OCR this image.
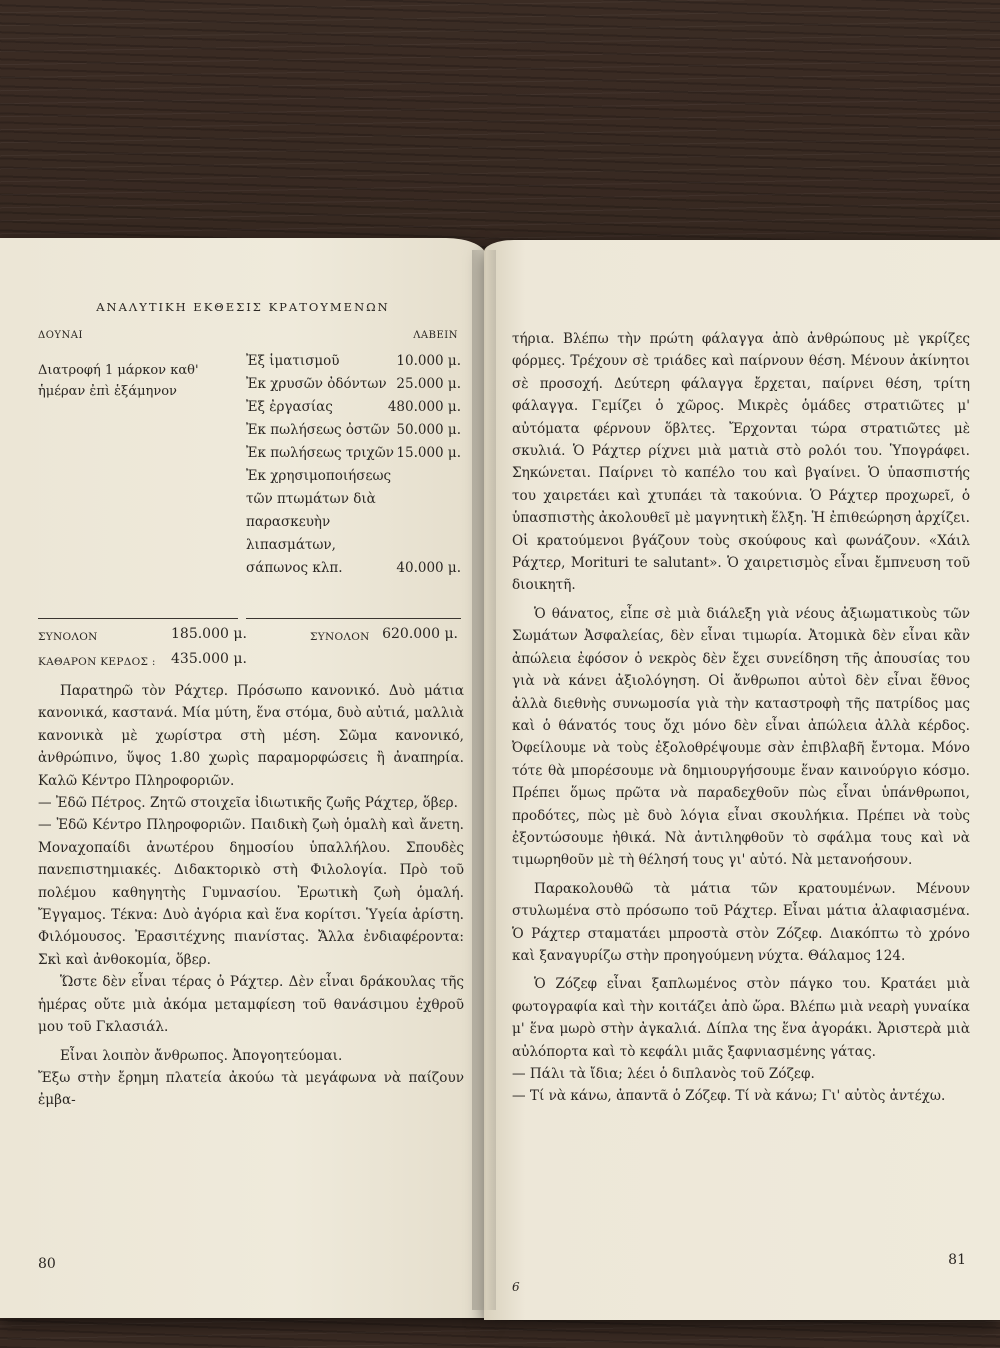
ΑΝΑΛΥΤΙΚΗ ΕΚΘΕΣΙΣ ΚΡΑΤΟΥΜΕΝΩΝ
ΔΟΥΝΑΙ	ΛΑΒΕΙΝ
Διατροφή 1 μάρκον καθ' ἡμέραν ἐπὶ ἑξάμηνον
Ἐξ ἱματισμοῦ	10.000 μ.
Ἐκ χρυσῶν ὀδόντων 25.000 μ.
Ἐξ ἐργασίας	480.000 μ.
Ἐκ πωλήσεως ὀστῶν 50.000 μ.
Ἐκ πωλήσεως τριχῶν 15.000 μ.
Ἐκ χρησιμοποιήσεως τῶν πτωμάτων διὰ παρασκευὴν λιπασμάτων, σάπωνος κλπ.	40.000 μ.
ΣΥΝΟΛΟΝ	185.000 μ.	ΣΥΝΟΛΟΝ 620.000 μ.
ΚΑΘΑΡΟΝ ΚΕΡΔΟΣ : 435.000 μ.

Παρατηρῶ τὸν Ράχτερ. Πρόσωπο κανονικό. Δυὸ μάτια κανονικά, καστανά. Μία μύτη, ἕνα στόμα, δυὸ αὐτιά, μαλλιὰ κανονικὰ μὲ χωρίστρα στὴ μέση. Σῶμα κανονικό, ἀνθρώπινο, ὕψος 1.80 χωρὶς παραμορφώσεις ἢ ἀναπηρία. Καλῶ Κέντρο Πληροφοριῶν.

— Ἐδῶ Πέτρος. Ζητῶ στοιχεῖα ἰδιωτικῆς ζωῆς Ράχτερ, ὅβερ.

— Ἐδῶ Κέντρο Πληροφοριῶν. Παιδικὴ ζωὴ ὁμαλὴ καὶ ἄνετη. Μοναχοπαίδι ἀνωτέρου δημοσίου ὑπαλλήλου. Σπουδὲς πανεπιστημιακές. Διδακτορικὸ στὴ Φιλολογία. Πρὸ τοῦ πολέμου καθηγητὴς Γυμνασίου. Ἐρωτικὴ ζωὴ ὁμαλή. Ἔγγαμος. Τέκνα: Δυὸ ἀγόρια καὶ ἕνα κορίτσι. Ὑγεία ἀρίστη. Φιλόμουσος. Ἐρασιτέχνης πιανίστας. Ἄλλα ἐνδιαφέροντα: Σκὶ καὶ ἀνθοκομία, ὅβερ.

Ὥστε δὲν εἶναι τέρας ὁ Ράχτερ. Δὲν εἶναι δράκουλας τῆς ἡμέρας οὔτε μιὰ ἀκόμα μεταμφίεση τοῦ θανάσιμου ἐχθροῦ μου τοῦ Γκλασιάλ.

Εἶναι λοιπὸν ἄνθρωπος. Ἀπογοητεύομαι.

Ἔξω στὴν ἔρημη πλατεία ἀκούω τὰ μεγάφωνα νὰ παίζουν ἐμβα-

80

τήρια. Βλέπω τὴν πρώτη φάλαγγα ἀπὸ ἀνθρώπους μὲ γκρίζες φόρμες. Τρέχουν σὲ τριάδες καὶ παίρνουν θέση. Μένουν ἀκίνητοι σὲ προσοχή. Δεύτερη φάλαγγα ἔρχεται, παίρνει θέση, τρίτη φάλαγγα. Γεμίζει ὁ χῶρος. Μικρὲς ὁμάδες στρατιῶτες μ' αὐτόματα φέρνουν ὅβλτες. Ἔρχονται τώρα στρατιῶτες μὲ σκυλιά. Ὁ Ράχτερ ρίχνει μιὰ ματιὰ στὸ ρολόι του. Ὑπογράφει. Σηκώνεται. Παίρνει τὸ καπέλο του καὶ βγαίνει. Ὁ ὑπασπιστής του χαιρετάει καὶ χτυπάει τὰ τακούνια. Ὁ Ράχτερ προχωρεῖ, ὁ ὑπασπιστὴς ἀκολουθεῖ μὲ μαγνητικὴ ἕλξη. Ἡ ἐπιθεώρηση ἀρχίζει. Οἱ κρατούμενοι βγάζουν τοὺς σκούφους καὶ φωνάζουν. «Χάιλ Ράχτερ, Morituri te salutant». Ὁ χαιρετισμὸς εἶναι ἔμπνευση τοῦ διοικητῆ.

Ὁ θάνατος, εἶπε σὲ μιὰ διάλεξη γιὰ νέους ἀξιωματικοὺς τῶν Σωμάτων Ἀσφαλείας, δὲν εἶναι τιμωρία. Ἀτομικὰ δὲν εἶναι κἂν ἀπώλεια ἐφόσον ὁ νεκρὸς δὲν ἔχει συνείδηση τῆς ἀπουσίας του γιὰ νὰ κάνει ἀξιολόγηση. Οἱ ἄνθρωποι αὐτοὶ δὲν εἶναι ἔθνος ἀλλὰ διεθνὴς συνωμοσία γιὰ τὴν καταστροφὴ τῆς πατρίδος μας καὶ ὁ θάνατός τους ὄχι μόνο δὲν εἶναι ἀπώλεια ἀλλὰ κέρδος. Ὀφείλουμε νὰ τοὺς ἐξολοθρέψουμε σὰν ἐπιβλαβῆ ἔντομα. Μόνο τότε θὰ μπορέσουμε νὰ δημιουργήσουμε ἕναν καινούργιο κόσμο. Πρέπει ὅμως πρῶτα νὰ παραδεχθοῦν πὼς εἶναι ὑπάνθρωποι, προδότες, πὼς μὲ δυὸ λόγια εἶναι σκουλήκια. Πρέπει νὰ τοὺς ἐξοντώσουμε ἠθικά. Νὰ ἀντιληφθοῦν τὸ σφάλμα τους καὶ νὰ τιμωρηθοῦν μὲ τὴ θέλησή τους γι' αὐτό. Νὰ μετανοήσουν.

Παρακολουθῶ τὰ μάτια τῶν κρατουμένων. Μένουν στυλωμένα στὸ πρόσωπο τοῦ Ράχτερ. Εἶναι μάτια ἀλαφιασμένα. Ὁ Ράχτερ σταματάει μπροστὰ στὸν Ζόζεφ. Διακόπτω τὸ χρόνο καὶ ξαναγυρίζω στὴν προηγούμενη νύχτα. Θάλαμος 124.

Ὁ Ζόζεφ εἶναι ξαπλωμένος στὸν πάγκο του. Κρατάει μιὰ φωτογραφία καὶ τὴν κοιτάζει ἀπὸ ὥρα. Βλέπω μιὰ νεαρὴ γυναίκα μ' ἕνα μωρὸ στὴν ἀγκαλιά. Δίπλα της ἕνα ἀγοράκι. Ἀριστερὰ μιὰ αὐλόπορτα καὶ τὸ κεφάλι μιᾶς ξαφνιασμένης γάτας.

— Πάλι τὰ ἴδια; λέει ὁ διπλανὸς τοῦ Ζόζεφ.

— Τί νὰ κάνω, ἀπαντᾶ ὁ Ζόζεφ. Τί νὰ κάνω; Γι' αὐτὸς ἀντέχω.

6
81
